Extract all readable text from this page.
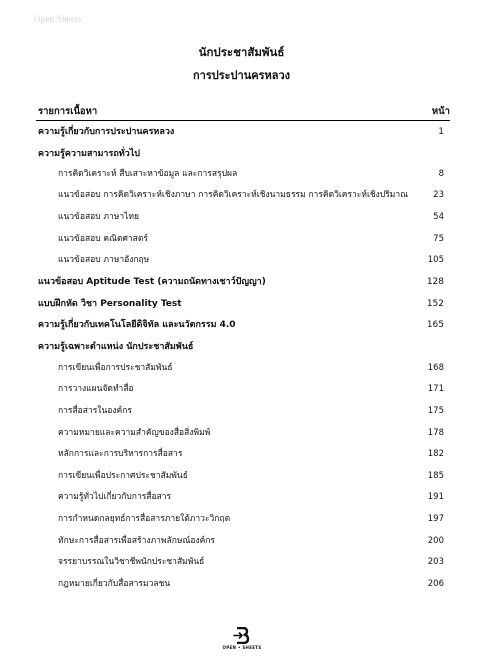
Open Sheets
นักประชาสัมพันธ์
การประปานครหลวง
รายการเนื้อหา	หน้า
ความรู้เกี่ยวกับการประปานครหลวง	1
ความรู้ความสามารถทั่วไป
การคิดวิเคราะห์ สืบเสาะหาข้อมูล และการสรุปผล	8
แนวข้อสอบ การคิดวิเคราะห์เชิงภาษา การคิดวิเคราะห์เชิงนามธรรม การคิดวิเคราะห์เชิงปริมาณ	23
แนวข้อสอบ ภาษาไทย	54
แนวข้อสอบ คณิตศาสตร์	75
แนวข้อสอบ ภาษาอังกฤษ	105
แนวข้อสอบ Aptitude Test (ความถนัดทางเชาว์ปัญญา)	128
แบบฝึกหัด วิชา Personality Test	152
ความรู้เกี่ยวกับเทคโนโลยีดิจิทัล และนวัตกรรม 4.0	165
ความรู้เฉพาะตำแหน่ง นักประชาสัมพันธ์
การเขียนเพื่อการประชาสัมพันธ์	168
การวางแผนจัดทำสื่อ	171
การสื่อสารในองค์กร	175
ความหมายและความสำคัญของสื่อสิ่งพิมพ์	178
หลักการและการบริหารการสื่อสาร	182
การเขียนเพื่อประกาศประชาสัมพันธ์	185
ความรู้ทั่วไปเกี่ยวกับการสื่อสาร	191
การกำหนดกลยุทธ์การสื่อสารภายใต้ภาวะวิกฤต	197
ทักษะการสื่อสารเพื่อสร้างภาพลักษณ์องค์กร	200
จรรยาบรรณในวิชาชีพนักประชาสัมพันธ์	203
กฎหมายเกี่ยวกับสื่อสารมวลชน	206
OPEN • SHEETS
